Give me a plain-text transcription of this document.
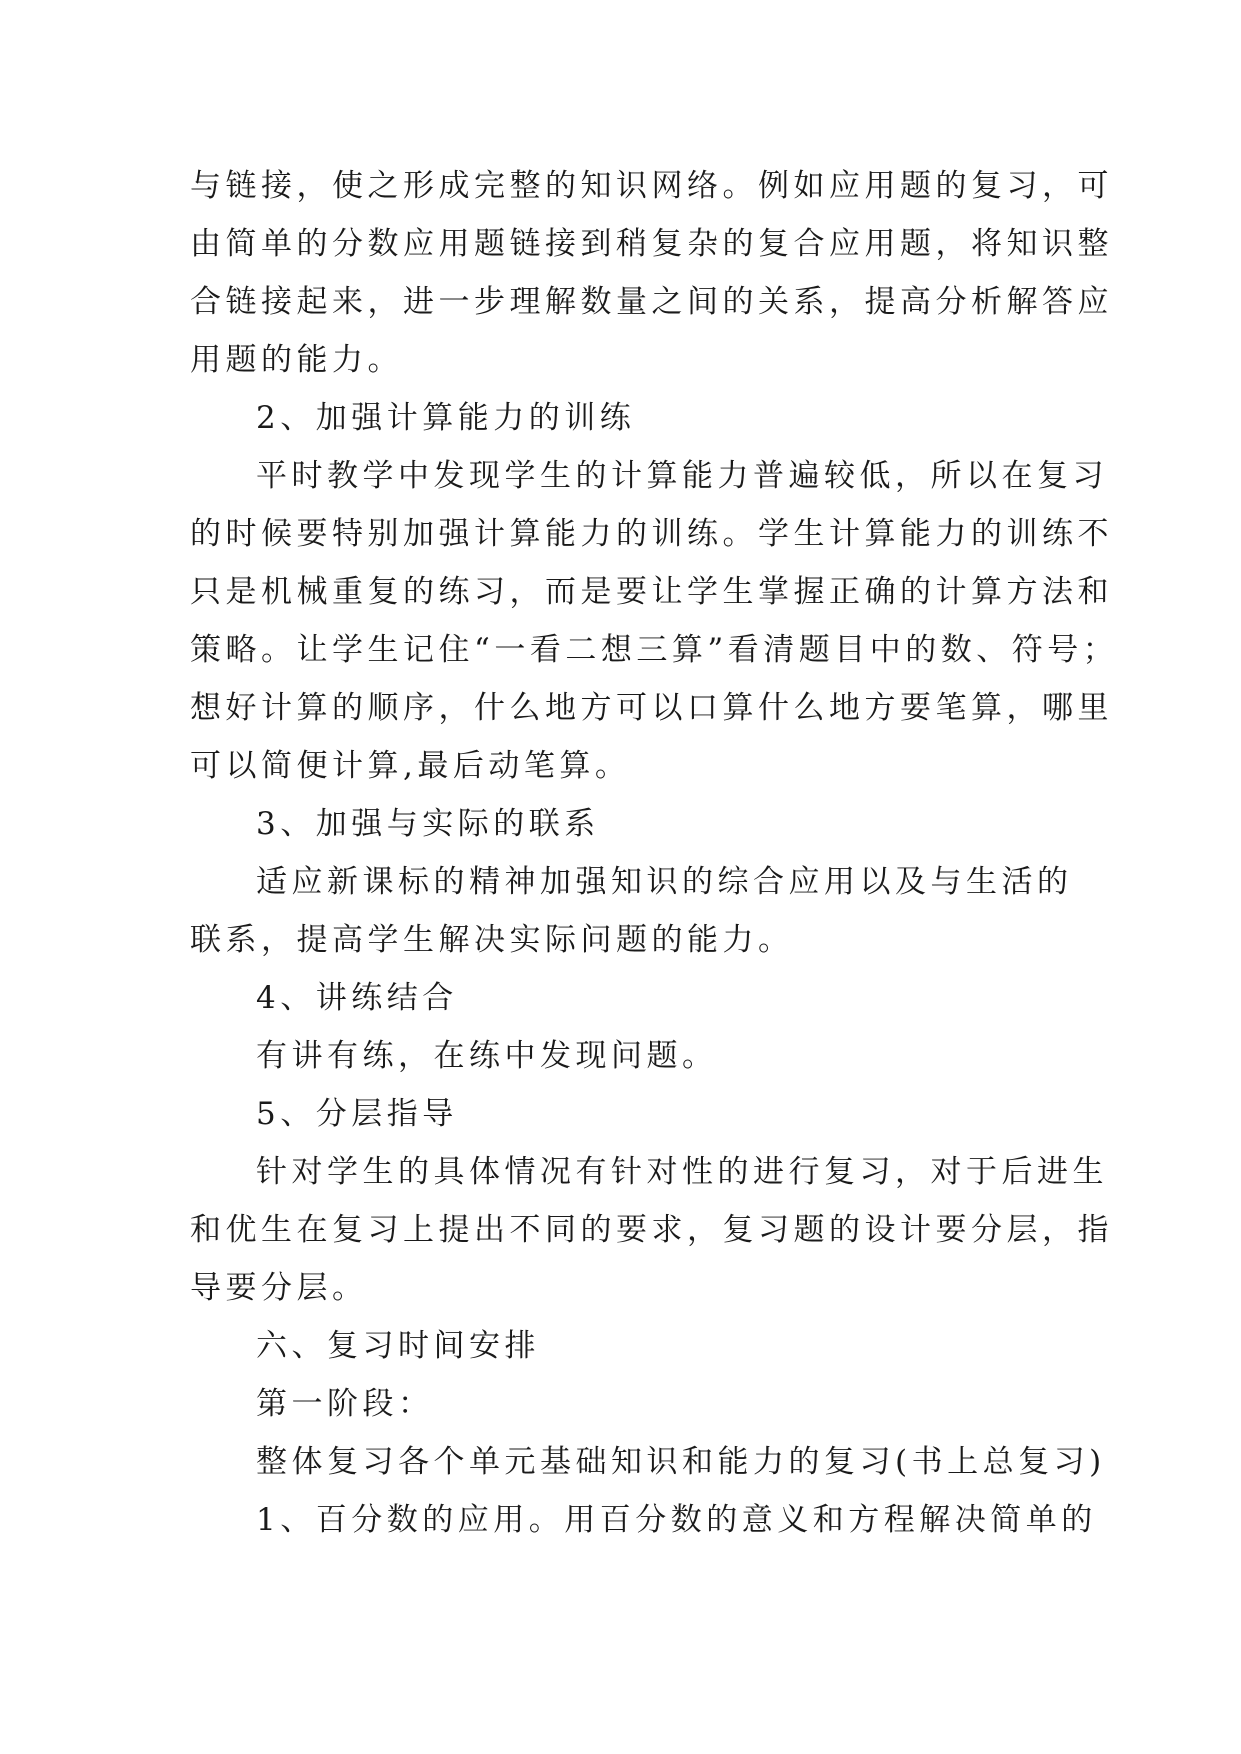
与链接，使之形成完整的知识网络。例如应用题的复习，可
由简单的分数应用题链接到稍复杂的复合应用题，将知识整
合链接起来，进一步理解数量之间的关系，提高分析解答应
用题的能力。
2、加强计算能力的训练
平时教学中发现学生的计算能力普遍较低，所以在复习
的时候要特别加强计算能力的训练。学生计算能力的训练不
只是机械重复的练习，而是要让学生掌握正确的计算方法和
策略。让学生记住“一看二想三算”看清题目中的数、符号；
想好计算的顺序，什么地方可以口算什么地方要笔算，哪里
可以简便计算,最后动笔算。
3、加强与实际的联系
适应新课标的精神加强知识的综合应用以及与生活的
联系，提高学生解决实际问题的能力。
4、讲练结合
有讲有练，在练中发现问题。
5、分层指导
针对学生的具体情况有针对性的进行复习，对于后进生
和优生在复习上提出不同的要求，复习题的设计要分层，指
导要分层。
六、复习时间安排
第一阶段：
整体复习各个单元基础知识和能力的复习(书上总复习)
1、百分数的应用。用百分数的意义和方程解决简单的
